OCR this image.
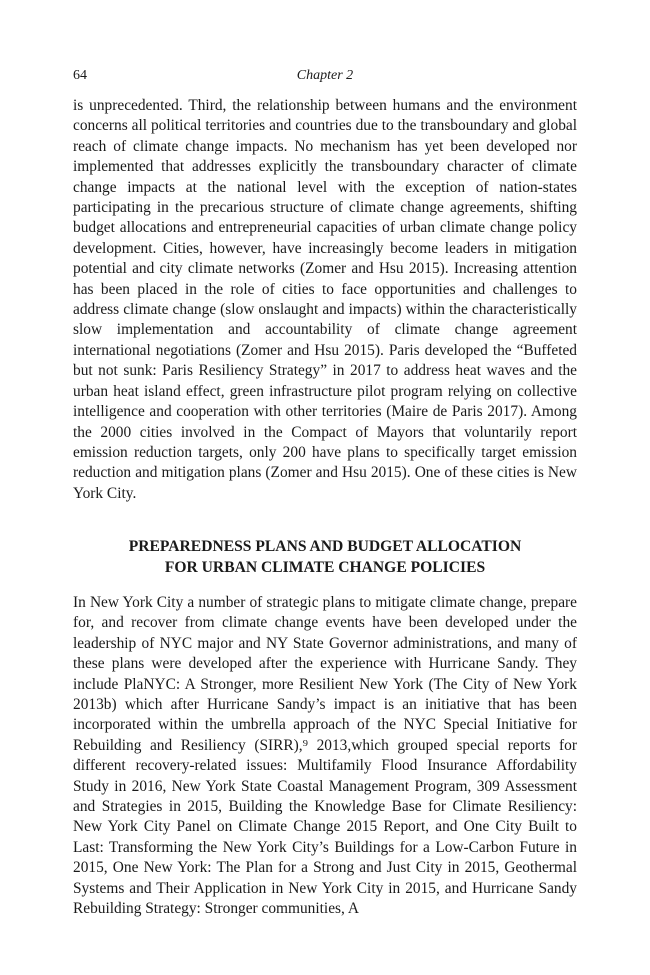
64	Chapter 2

is unprecedented. Third, the relationship between humans and the environment concerns all political territories and countries due to the transboundary and global reach of climate change impacts. No mechanism has yet been developed nor implemented that addresses explicitly the transboundary character of climate change impacts at the national level with the exception of nation-states participating in the precarious structure of climate change agreements, shifting budget allocations and entrepreneurial capacities of urban climate change policy development. Cities, however, have increasingly become leaders in mitigation potential and city climate networks (Zomer and Hsu 2015). Increasing attention has been placed in the role of cities to face opportunities and challenges to address climate change (slow onslaught and impacts) within the characteristically slow implementation and accountability of climate change agreement international negotiations (Zomer and Hsu 2015). Paris developed the “Buffeted but not sunk: Paris Resiliency Strategy” in 2017 to address heat waves and the urban heat island effect, green infrastructure pilot program relying on collective intelligence and cooperation with other territories (Maire de Paris 2017). Among the 2000 cities involved in the Compact of Mayors that voluntarily report emission reduction targets, only 200 have plans to specifically target emission reduction and mitigation plans (Zomer and Hsu 2015). One of these cities is New York City.

PREPAREDNESS PLANS AND BUDGET ALLOCATION
FOR URBAN CLIMATE CHANGE POLICIES

In New York City a number of strategic plans to mitigate climate change, prepare for, and recover from climate change events have been developed under the leadership of NYC major and NY State Governor administrations, and many of these plans were developed after the experience with Hurricane Sandy. They include PlaNYC: A Stronger, more Resilient New York (The City of New York 2013b) which after Hurricane Sandy’s impact is an initiative that has been incorporated within the umbrella approach of the NYC Special Initiative for Rebuilding and Resiliency (SIRR),⁹ 2013,which grouped special reports for different recovery-related issues: Multifamily Flood Insurance Affordability Study in 2016, New York State Coastal Management Program, 309 Assessment and Strategies in 2015, Building the Knowledge Base for Climate Resiliency: New York City Panel on Climate Change 2015 Report, and One City Built to Last: Transforming the New York City’s Buildings for a Low-Carbon Future in 2015, One New York: The Plan for a Strong and Just City in 2015, Geothermal Systems and Their Application in New York City in 2015, and Hurricane Sandy Rebuilding Strategy: Stronger communities, A
